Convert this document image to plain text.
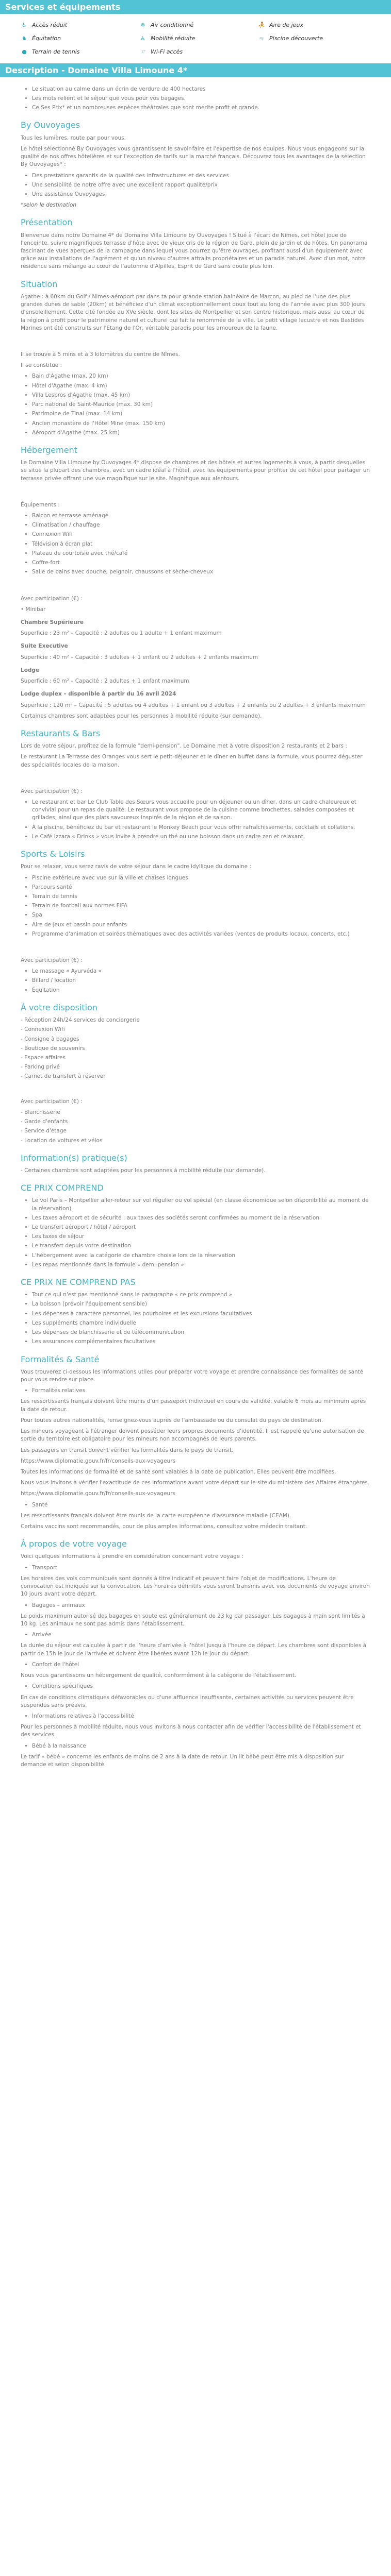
Services et équipements
♿ Accès réduit	❄ Air conditionné	⛹ Aire de jeux
♞ Équitation	♿ Mobilité réduite	≈ Piscine découverte
● Terrain de tennis	⌔ Wi-Fi accès
Description - Domaine Villa Limoune 4*
• Le situation au calme dans un écrin de verdure de 400 hectares
• Les mots relient et le séjour que vous pour vos bagages.
• Ce Ses Prix* et un nombreuses espèces théâtrales que sont mérite profit et grande.
By Ouvoyages

Tous les lumières, route par pour vous.

Le hôtel sélectionné By Ouvoyages vous garantissent le savoir-faire et l'expertise de nos équipes. Nous vous engageons sur la qualité de nos offres hôtelières et sur l'exception de tarifs sur la marché français. Découvrez tous les avantages de la sélection By Ouvoyages* :

• Des prestations garantis de la qualité des infrastructures et des services
• Une sensibilité de notre offre avec une excellent rapport qualité/prix
• Une assistance Ouvoyages

*selon le destination

Présentation

Bienvenue dans notre Domaine 4* de Domaine Villa Limoune by Ouvoyages ! Situé à l'écart de Nimes, cet hôtel joue de l'enceinte, suivre magnifiques terrasse d'hôte avec de vieux cris de la région de Gard, plein de jardin et de hôtes. Un panorama fascinant de vues aperçues de la campagne dans lequel vous pourrez qu'être ouvrages, profitant aussi d'un équipement avec grâce aux installations de l'agrément et qu'un niveau d'autres attraits propriétaires et un paradis naturel. Avec d'un mot, notre résidence sans mélange au cœur de l'automne d'Alpilles, Esprit de Gard sans doute plus loin.

Situation

Agathe : à 60km du Golf / Nimes-aéroport par dans ta pour grande station balnéaire de Marcon, au pied de l'une des plus grandes dunes de sable (20km) et bénéficiez d'un climat exceptionnellement doux tout au long de l'année avec plus 300 jours d'ensoleillement. Cette cité fondée au XVe siècle, dont les sites de Montpellier et son centre historique, mais aussi au cœur de la région à profit pour le patrimoine naturel et culturel qui fait la renommée de la ville. Le petit village lacustre et nos Bastides Marines ont été construits sur l'Etang de l'Or, véritable paradis pour les amoureux de la faune.

Il se trouve à 5 mins et à 3 kilomètres du centre de Nîmes.

Il se constitue :

• Bain d'Agathe (max. 20 km)
• Hôtel d'Agathe (max. 4 km)
• Villa Lesbros d'Agathe (max. 45 km)
• Parc national de Saint-Maurice (max. 30 km)
• Patrimoine de Tinal (max. 14 km)
• Ancien monastère de l'Hôtel Mine (max. 150 km)
• Aéroport d'Agathe (max. 25 km)
Hébergement

Le Domaine Villa Limoune by Ouvoyages 4* dispose de chambres et des hôtels et autres logements à vous, à partir desquelles se situe la plupart des chambres, avec un cadre idéal à l'hôtel, avec les équipements pour profiter de cet hôtel pour partager un terrasse privée offrant une vue magnifique sur le site. Magnifique aux alentours.

Équipements :

• Balcon et terrasse aménagé
• Climatisation / chauffage
• Connexion Wifi
• Télévision à écran plat
• Plateau de courtoisie avec thé/café
• Coffre-fort
• Salle de bains avec douche, peignoir, chaussons et sèche-cheveux

Avec participation (€) :

• Minibar

Chambre Supérieure

Superficie : 23 m² – Capacité : 2 adultes ou 1 adulte + 1 enfant maximum

Suite Executive

Superficie : 40 m² – Capacité : 3 adultes + 1 enfant ou 2 adultes + 2 enfants maximum

Lodge

Superficie : 60 m² – Capacité : 2 adultes + 1 enfant maximum

Lodge duplex – disponible à partir du 16 avril 2024

Superficie : 120 m² – Capacité : 5 adultes ou 4 adultes + 1 enfant ou 3 adultes + 2 enfants ou 2 adultes + 3 enfants maximum

Certaines chambres sont adaptées pour les personnes à mobilité réduite (sur demande).

Restaurants & Bars

Lors de votre séjour, profitez de la formule "demi-pension". Le Domaine met à votre disposition 2 restaurants et 2 bars :

Le restaurant La Terrasse des Oranges vous sert le petit-déjeuner et le dîner en buffet dans la formule, vous pourrez déguster des spécialités locales de la maison.

Avec participation (€) :

• Le restaurant et bar Le Club Table des Sœurs vous accueille pour un déjeuner ou un dîner, dans un cadre chaleureux et convivial pour un repas de qualité. Le restaurant vous propose de la cuisine comme brochettes, salades composées et grillades, ainsi que des plats savoureux inspirés de la région et de saison.
• À la piscine, bénéficiez du bar et restaurant le Monkey Beach pour vous offrir rafraîchissements, cocktails et collations.
• Le Café Izzara « Drinks » vous invite à prendre un thé ou une boisson dans un cadre zen et relaxant.
Sports & Loisirs

Pour se relaxer, vous serez ravis de votre séjour dans le cadre idyllique du domaine :

• Piscine extérieure avec vue sur la ville et chaises longues
• Parcours santé
• Terrain de tennis
• Terrain de football aux normes FIFA
• Spa
• Aire de jeux et bassin pour enfants
• Programme d'animation et soirées thématiques avec des activités variées (ventes de produits locaux, concerts, etc.)

Avec participation (€) :

• Le massage « Ayurvéda »
• Billard / location
• Équitation
À votre disposition
- Réception 24h/24 services de conciergerie
- Connexion Wifi
- Consigne à bagages
- Boutique de souvenirs
- Espace affaires
- Parking privé
- Carnet de transfert à réserver

Avec participation (€) :

- Blanchisserie
- Garde d'enfants
- Service d'étage
- Location de voitures et vélos
Information(s) pratique(s)

- Certaines chambres sont adaptées pour les personnes à mobilité réduite (sur demande).

CE PRIX COMPREND
• Le vol Paris – Montpellier aller-retour sur vol régulier ou vol spécial (en classe économique selon disponibilité au moment de la réservation)
• Les taxes aéroport et de sécurité : aux taxes des sociétés seront confirmées au moment de la réservation
• Le transfert aéroport / hôtel / aéroport
• Les taxes de séjour
• Le transfert depuis votre destination
• L'hébergement avec la catégorie de chambre choisie lors de la réservation
• Les repas mentionnés dans la formule « demi-pension »
CE PRIX NE COMPREND PAS
• Tout ce qui n'est pas mentionné dans le paragraphe « ce prix comprend »
• La boisson (prévoir l'équipement sensible)
• Les dépenses à caractère personnel, les pourboires et les excursions facultatives
• Les suppléments chambre individuelle
• Les dépenses de blanchisserie et de télécommunication
• Les assurances complémentaires facultatives
Formalités & Santé

Vous trouverez ci-dessous les informations utiles pour préparer votre voyage et prendre connaissance des formalités de santé pour vous rendre sur place.

• Formalités relatives

Les ressortissants français doivent être munis d'un passeport individuel en cours de validité, valable 6 mois au minimum après la date de retour.

Pour toutes autres nationalités, renseignez-vous auprès de l'ambassade ou du consulat du pays de destination.

Les mineurs voyageant à l'étranger doivent posséder leurs propres documents d'identité. Il est rappelé qu'une autorisation de sortie du territoire est obligatoire pour les mineurs non accompagnés de leurs parents.

Les passagers en transit doivent vérifier les formalités dans le pays de transit.

https://www.diplomatie.gouv.fr/fr/conseils-aux-voyageurs

Toutes les informations de formalité et de santé sont valables à la date de publication. Elles peuvent être modifiées.

Nous vous invitons à vérifier l'exactitude de ces informations avant votre départ sur le site du ministère des Affaires étrangères.

https://www.diplomatie.gouv.fr/fr/conseils-aux-voyageurs

• Santé

Les ressortissants français doivent être munis de la carte européenne d'assurance maladie (CEAM).

Certains vaccins sont recommandés, pour de plus amples informations, consultez votre médecin traitant.

À propos de votre voyage

Voici quelques informations à prendre en considération concernant votre voyage :

• Transport

Les horaires des vols communiqués sont donnés à titre indicatif et peuvent faire l'objet de modifications. L'heure de convocation est indiquée sur la convocation. Les horaires définitifs vous seront transmis avec vos documents de voyage environ 10 jours avant votre départ.

• Bagages – animaux

Le poids maximum autorisé des bagages en soute est généralement de 23 kg par passager. Les bagages à main sont limités à 10 kg. Les animaux ne sont pas admis dans l'établissement.

• Arrivée

La durée du séjour est calculée à partir de l'heure d'arrivée à l'hôtel jusqu'à l'heure de départ. Les chambres sont disponibles à partir de 15h le jour de l'arrivée et doivent être libérées avant 12h le jour du départ.

• Confort de l'hôtel

Nous vous garantissons un hébergement de qualité, conformément à la catégorie de l'établissement.

• Conditions spécifiques

En cas de conditions climatiques défavorables ou d'une affluence insuffisante, certaines activités ou services peuvent être suspendus sans préavis.

• Informations relatives à l'accessibilité

Pour les personnes à mobilité réduite, nous vous invitons à nous contacter afin de vérifier l'accessibilité de l'établissement et des services.

• Bébé à la naissance

Le tarif « bébé » concerne les enfants de moins de 2 ans à la date de retour. Un lit bébé peut être mis à disposition sur demande et selon disponibilité.
